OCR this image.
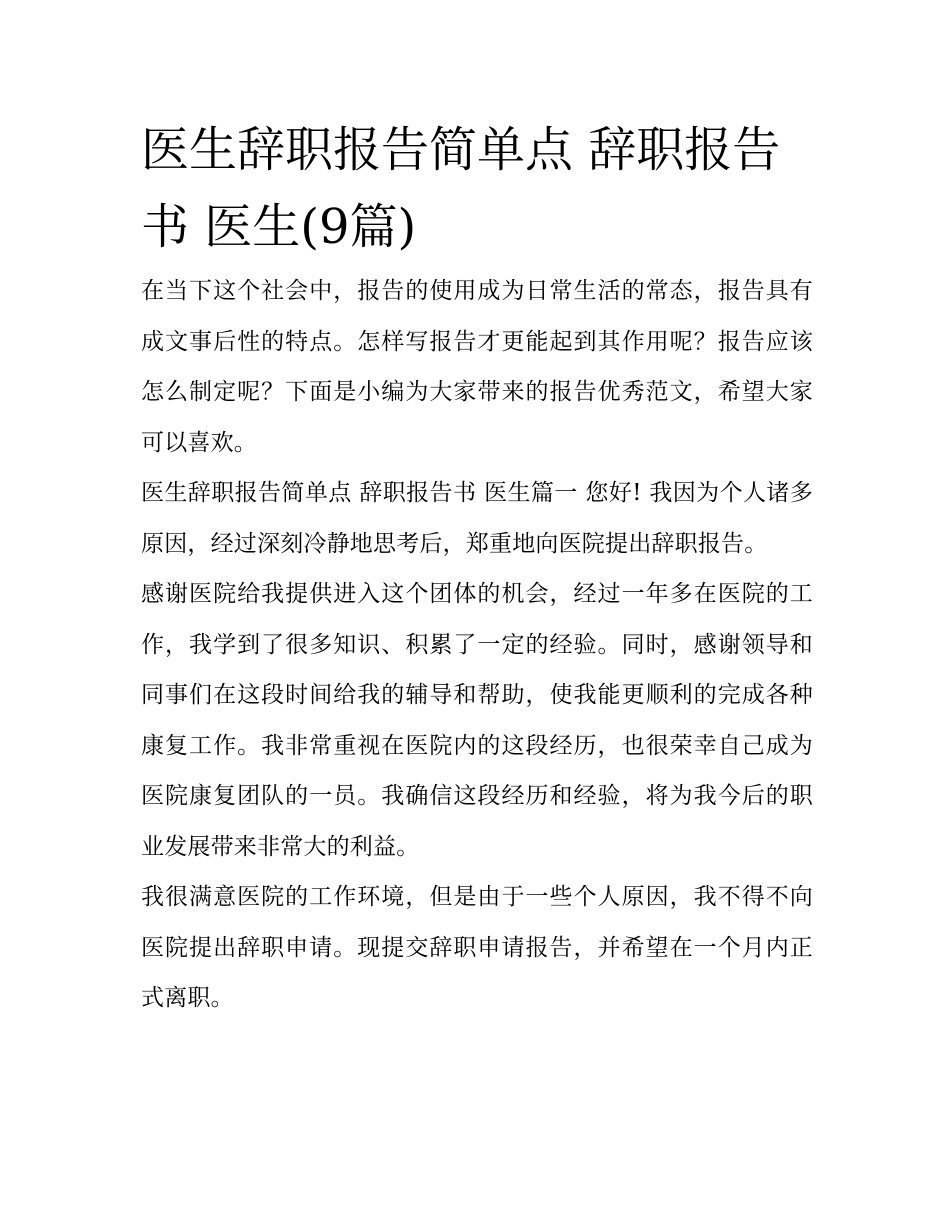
医生辞职报告简单点 辞职报告书 医生(9篇)

在当下这个社会中，报告的使用成为日常生活的常态，报告具有成文事后性的特点。怎样写报告才更能起到其作用呢？报告应该怎么制定呢？下面是小编为大家带来的报告优秀范文，希望大家可以喜欢。

医生辞职报告简单点 辞职报告书 医生篇一 您好! 我因为个人诸多原因，经过深刻冷静地思考后，郑重地向医院提出辞职报告。

感谢医院给我提供进入这个团体的机会，经过一年多在医院的工作，我学到了很多知识、积累了一定的经验。同时，感谢领导和同事们在这段时间给我的辅导和帮助，使我能更顺利的完成各种康复工作。我非常重视在医院内的这段经历，也很荣幸自己成为医院康复团队的一员。我确信这段经历和经验，将为我今后的职业发展带来非常大的利益。

我很满意医院的工作环境，但是由于一些个人原因，我不得不向医院提出辞职申请。现提交辞职申请报告，并希望在一个月内正式离职。
